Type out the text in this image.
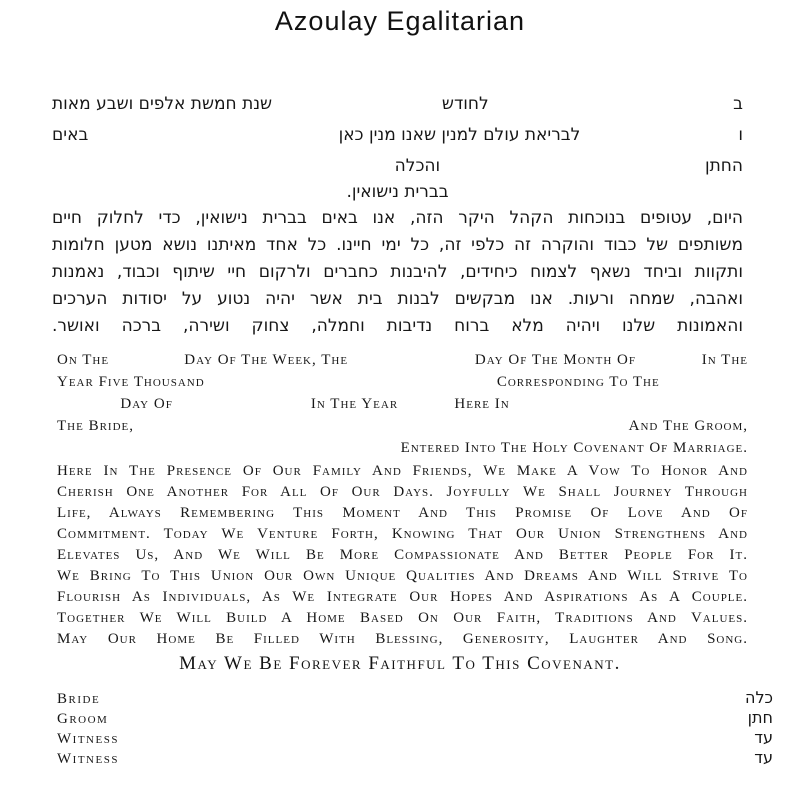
Azoulay Egalitarian
ב
לחודש
שנת חמשת אלפים ושבע מאות
ו
לבריאת עולם למנין שאנו מנין כאן
באים
החתן
והכלה
בברית נישואין.
היום, עטופים בנוכחות הקהל היקר הזה, אנו באים בברית נישואין, כדי לחלוק חיים
משותפים של כבוד והוקרה זה כלפי זה, כל ימי חיינו. כל אחד מאיתנו נושא מטען חלומות
ותקוות וביחד נשאף לצמוח כיחידים, להיבנות כחברים ולרקום חיי שיתוף וכבוד, נאמנות
ואהבה, שמחה ורעות. אנו מבקשים לבנות בית אשר יהיה נטוע על יסודות הערכים
והאמונות שלנו ויהיה מלא ברוח נדיבות וחמלה, צחוק ושירה, ברכה ואושר.
On The	Day Of The Week, The	Day Of The Month Of	In The
Year Five Thousand	Corresponding To The
Day Of	In The Year	Here In
The Bride,	And The Groom,
Entered Into The Holy Covenant Of Marriage.
Here In The Presence Of Our Family And Friends, We Make A Vow To Honor And
Cherish One Another For All Of Our Days. Joyfully We Shall Journey Through
Life, Always Remembering This Moment And This Promise Of Love And Of
Commitment. Today We Venture Forth, Knowing That Our Union Strengthens And
Elevates Us, And We Will Be More Compassionate And Better People For It.
We Bring To This Union Our Own Unique Qualities And Dreams And Will Strive To
Flourish As Individuals, As We Integrate Our Hopes And Aspirations As A Couple.
Together We Will Build A Home Based On Our Faith, Traditions And Values.
May Our Home Be Filled With Blessing, Generosity, Laughter And Song.
May We Be Forever Faithful To This Covenant.
Bride	כלה
Groom	חתן
Witness	עד
Witness	עד
